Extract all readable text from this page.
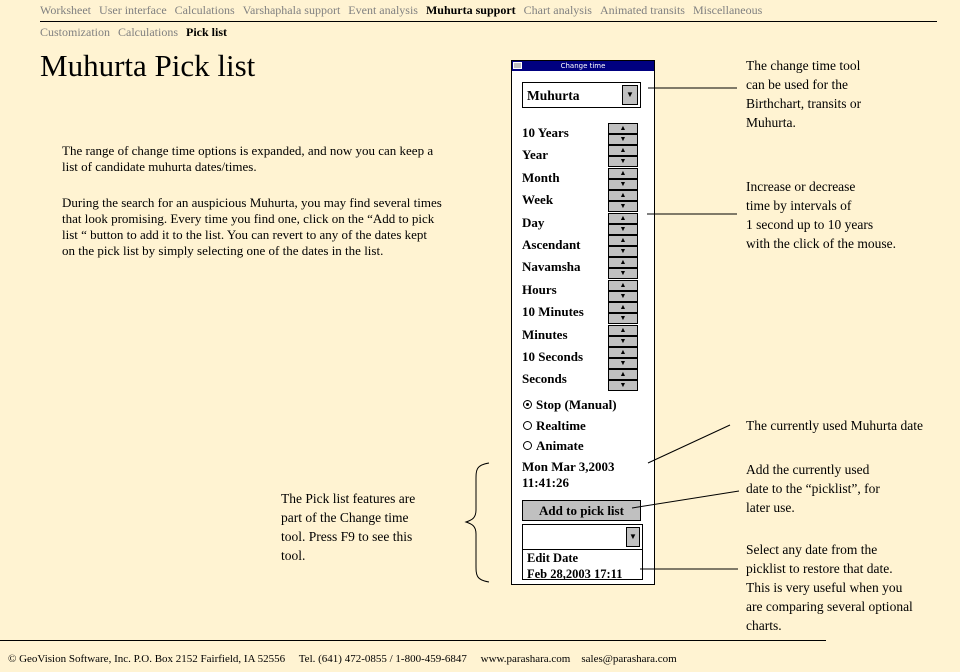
Worksheet User interface Calculations Varshaphala support Event analysis Muhurta support Chart analysis Animated transits Miscellaneous
Customization Calculations Pick list
Muhurta Pick list

The range of change time options is expanded, and now you can keep a list of candidate muhurta dates/times.

During the search for an auspicious Muhurta, you may find several times that look promising. Every time you find one, click on the “Add to pick list “ button to add it to the list. You can revert to any of the dates kept on the pick list by simply selecting one of the dates in the list.

The change time tool
can be used for the
Birthchart, transits or
Muhurta.
Increase or decrease
time by intervals of
1 second up to 10 years
with the click of the mouse.
The currently used Muhurta date
Add the currently used
date to the “picklist”, for
later use.
Select any date from the
picklist to restore that date.
This is very useful when you
are comparing several optional
charts.
The Pick list features are
part of the Change time
tool. Press F9 to see this
tool.
Change time
Muhurta	▼
10 Years	▲
▼
Year	▲
▼
Month	▲
▼
Week	▲
▼
Day	▲
▼
Ascendant	▲
▼
Navamsha	▲
▼
Hours	▲
▼
10 Minutes	▲
▼
Minutes	▲
▼
10 Seconds	▲
▼
Seconds	▲
▼
Stop (Manual)
Realtime
Animate
Mon Mar 3,2003
11:41:26
Add to pick list
▼
Edit Date
Feb 28,2003 17:11
© GeoVision Software, Inc. P.O. Box 2152 Fairfield, IA 52556 Tel. (641) 472-0855 / 1-800-459-6847 www.parashara.com sales@parashara.com
